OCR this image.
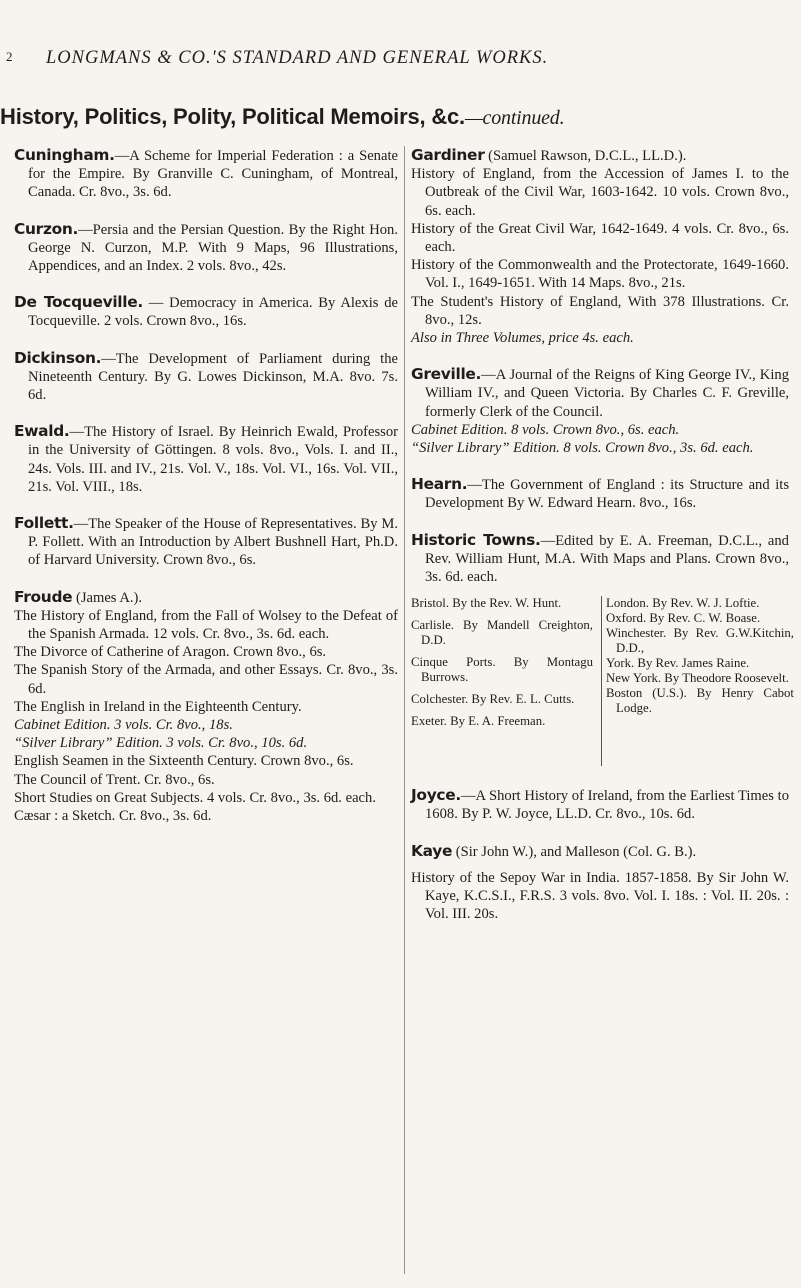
2 LONGMANS & CO.'S STANDARD AND GENERAL WORKS.
History, Politics, Polity, Political Memoirs, &c.—continued.
Cuningham.—A Scheme for Imperial Federation : a Senate for the Empire. By Granville C. Cuningham, of Montreal, Canada. Cr. 8vo., 3s. 6d.
Curzon.—Persia and the Persian Question. By the Right Hon. George N. Curzon, M.P. With 9 Maps, 96 Illustrations, Appendices, and an Index. 2 vols. 8vo., 42s.
De Tocqueville. — Democracy in America. By Alexis de Tocqueville. 2 vols. Crown 8vo., 16s.
Dickinson.—The Development of Parliament during the Nineteenth Century. By G. Lowes Dickinson, M.A. 8vo. 7s. 6d.
Ewald.—The History of Israel. By Heinrich Ewald, Professor in the University of Göttingen. 8 vols. 8vo., Vols. I. and II., 24s. Vols. III. and IV., 21s. Vol. V., 18s. Vol. VI., 16s. Vol. VII., 21s. Vol. VIII., 18s.
Follett.—The Speaker of the House of Representatives. By M. P. Follett. With an Introduction by Albert Bushnell Hart, Ph.D. of Harvard University. Crown 8vo., 6s.

Froude (James A.).

The History of England, from the Fall of Wolsey to the Defeat of the Spanish Armada. 12 vols. Cr. 8vo., 3s. 6d. each.

The Divorce of Catherine of Aragon. Crown 8vo., 6s.

The Spanish Story of the Armada, and other Essays. Cr. 8vo., 3s. 6d.

The English in Ireland in the Eighteenth Century.

Cabinet Edition. 3 vols. Cr. 8vo., 18s.

“Silver Library” Edition. 3 vols. Cr. 8vo., 10s. 6d.

English Seamen in the Sixteenth Century. Crown 8vo., 6s.

The Council of Trent. Cr. 8vo., 6s.

Short Studies on Great Subjects. 4 vols. Cr. 8vo., 3s. 6d. each.

Cæsar : a Sketch. Cr. 8vo., 3s. 6d.

Gardiner (Samuel Rawson, D.C.L., LL.D.).

History of England, from the Accession of James I. to the Outbreak of the Civil War, 1603-1642. 10 vols. Crown 8vo., 6s. each.

History of the Great Civil War, 1642-1649. 4 vols. Cr. 8vo., 6s. each.

History of the Commonwealth and the Protectorate, 1649-1660. Vol. I., 1649-1651. With 14 Maps. 8vo., 21s.

The Student's History of England, With 378 Illustrations. Cr. 8vo., 12s.

Also in Three Volumes, price 4s. each.

Greville.—A Journal of the Reigns of King George IV., King William IV., and Queen Victoria. By Charles C. F. Greville, formerly Clerk of the Council.

Cabinet Edition. 8 vols. Crown 8vo., 6s. each.

“Silver Library” Edition. 8 vols. Crown 8vo., 3s. 6d. each.

Hearn.—The Government of England : its Structure and its Development By W. Edward Hearn. 8vo., 16s.

Historic Towns.—Edited by E. A. Freeman, D.C.L., and Rev. William Hunt, M.A. With Maps and Plans. Crown 8vo., 3s. 6d. each.

Bristol. By the Rev. W. Hunt.

Carlisle. By Mandell Creighton, D.D.

Cinque Ports. By Montagu Burrows.

Colchester. By Rev. E. L. Cutts.

Exeter. By E. A. Freeman.

London. By Rev. W. J. Loftie.

Oxford. By Rev. C. W. Boase.

Winchester. By Rev. G.W.Kitchin, D.D.,

York. By Rev. James Raine.

New York. By Theodore Roosevelt.

Boston (U.S.). By Henry Cabot Lodge.

Joyce.—A Short History of Ireland, from the Earliest Times to 1608. By P. W. Joyce, LL.D. Cr. 8vo., 10s. 6d.

Kaye (Sir John W.), and Malleson (Col. G. B.).

History of the Sepoy War in India. 1857-1858. By Sir John W. Kaye, K.C.S.I., F.R.S. 3 vols. 8vo. Vol. I. 18s. : Vol. II. 20s. : Vol. III. 20s.
